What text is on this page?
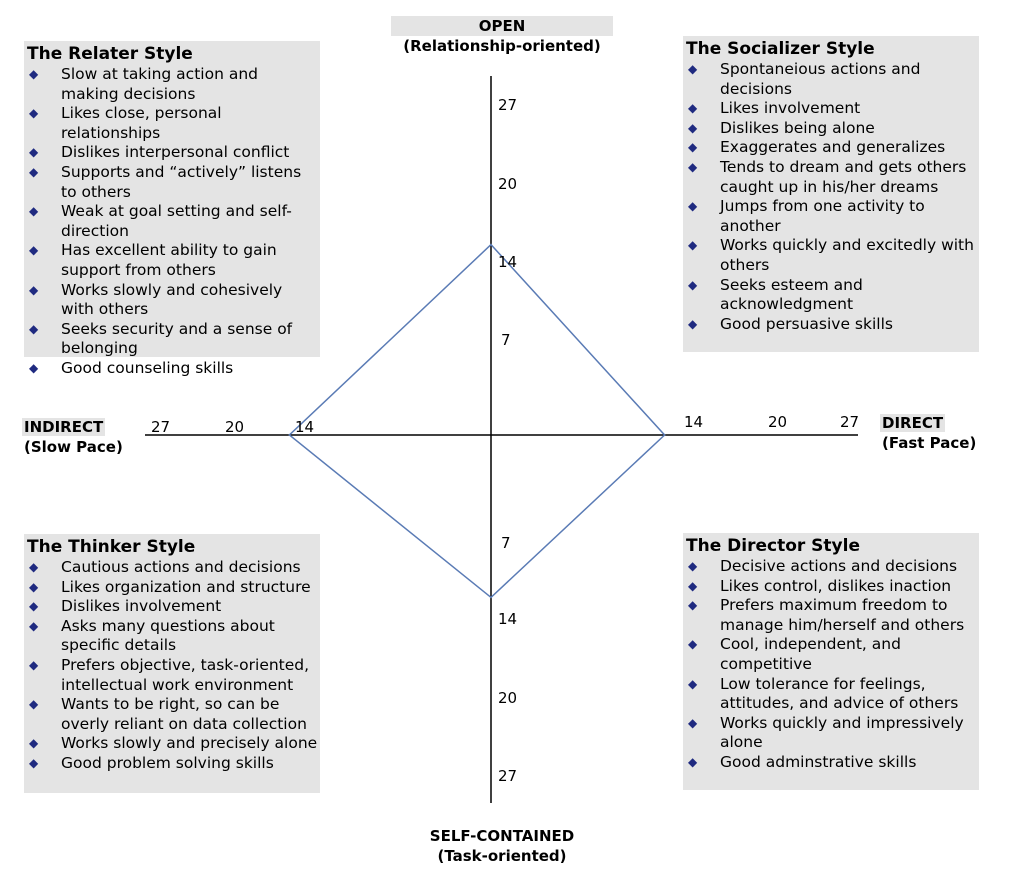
OPEN
(Relationship-oriented)
SELF-CONTAINED
(Task-oriented)
INDIRECT
(Slow Pace)
DIRECT
(Fast Pace)
27
20
14
7
7
14
20
27
27	20	14	14	20	27
The Relater Style
◆ Slow at taking action and making decisions
◆ Likes close, personal relationships
◆ Dislikes interpersonal conflict
◆ Supports and “actively” listens to others
◆ Weak at goal setting and self-direction
◆ Has excellent ability to gain support from others
◆ Works slowly and cohesively with others
◆ Seeks security and a sense of belonging
◆ Good counseling skills
The Socializer Style
◆ Spontaneious actions and decisions
◆ Likes involvement
◆ Dislikes being alone
◆ Exaggerates and generalizes
◆ Tends to dream and gets others caught up in his/her dreams
◆ Jumps from one activity to another
◆ Works quickly and excitedly with others
◆ Seeks esteem and acknowledgment
◆ Good persuasive skills
The Thinker Style
◆ Cautious actions and decisions
◆ Likes organization and structure
◆ Dislikes involvement
◆ Asks many questions about specific details
◆ Prefers objective, task-oriented, intellectual work environment
◆ Wants to be right, so can be overly reliant on data collection
◆ Works slowly and precisely alone
◆ Good problem solving skills
The Director Style
◆ Decisive actions and decisions
◆ Likes control, dislikes inaction
◆ Prefers maximum freedom to manage him/herself and others
◆ Cool, independent, and competitive
◆ Low tolerance for feelings, attitudes, and advice of others
◆ Works quickly and impressively alone
◆ Good adminstrative skills
